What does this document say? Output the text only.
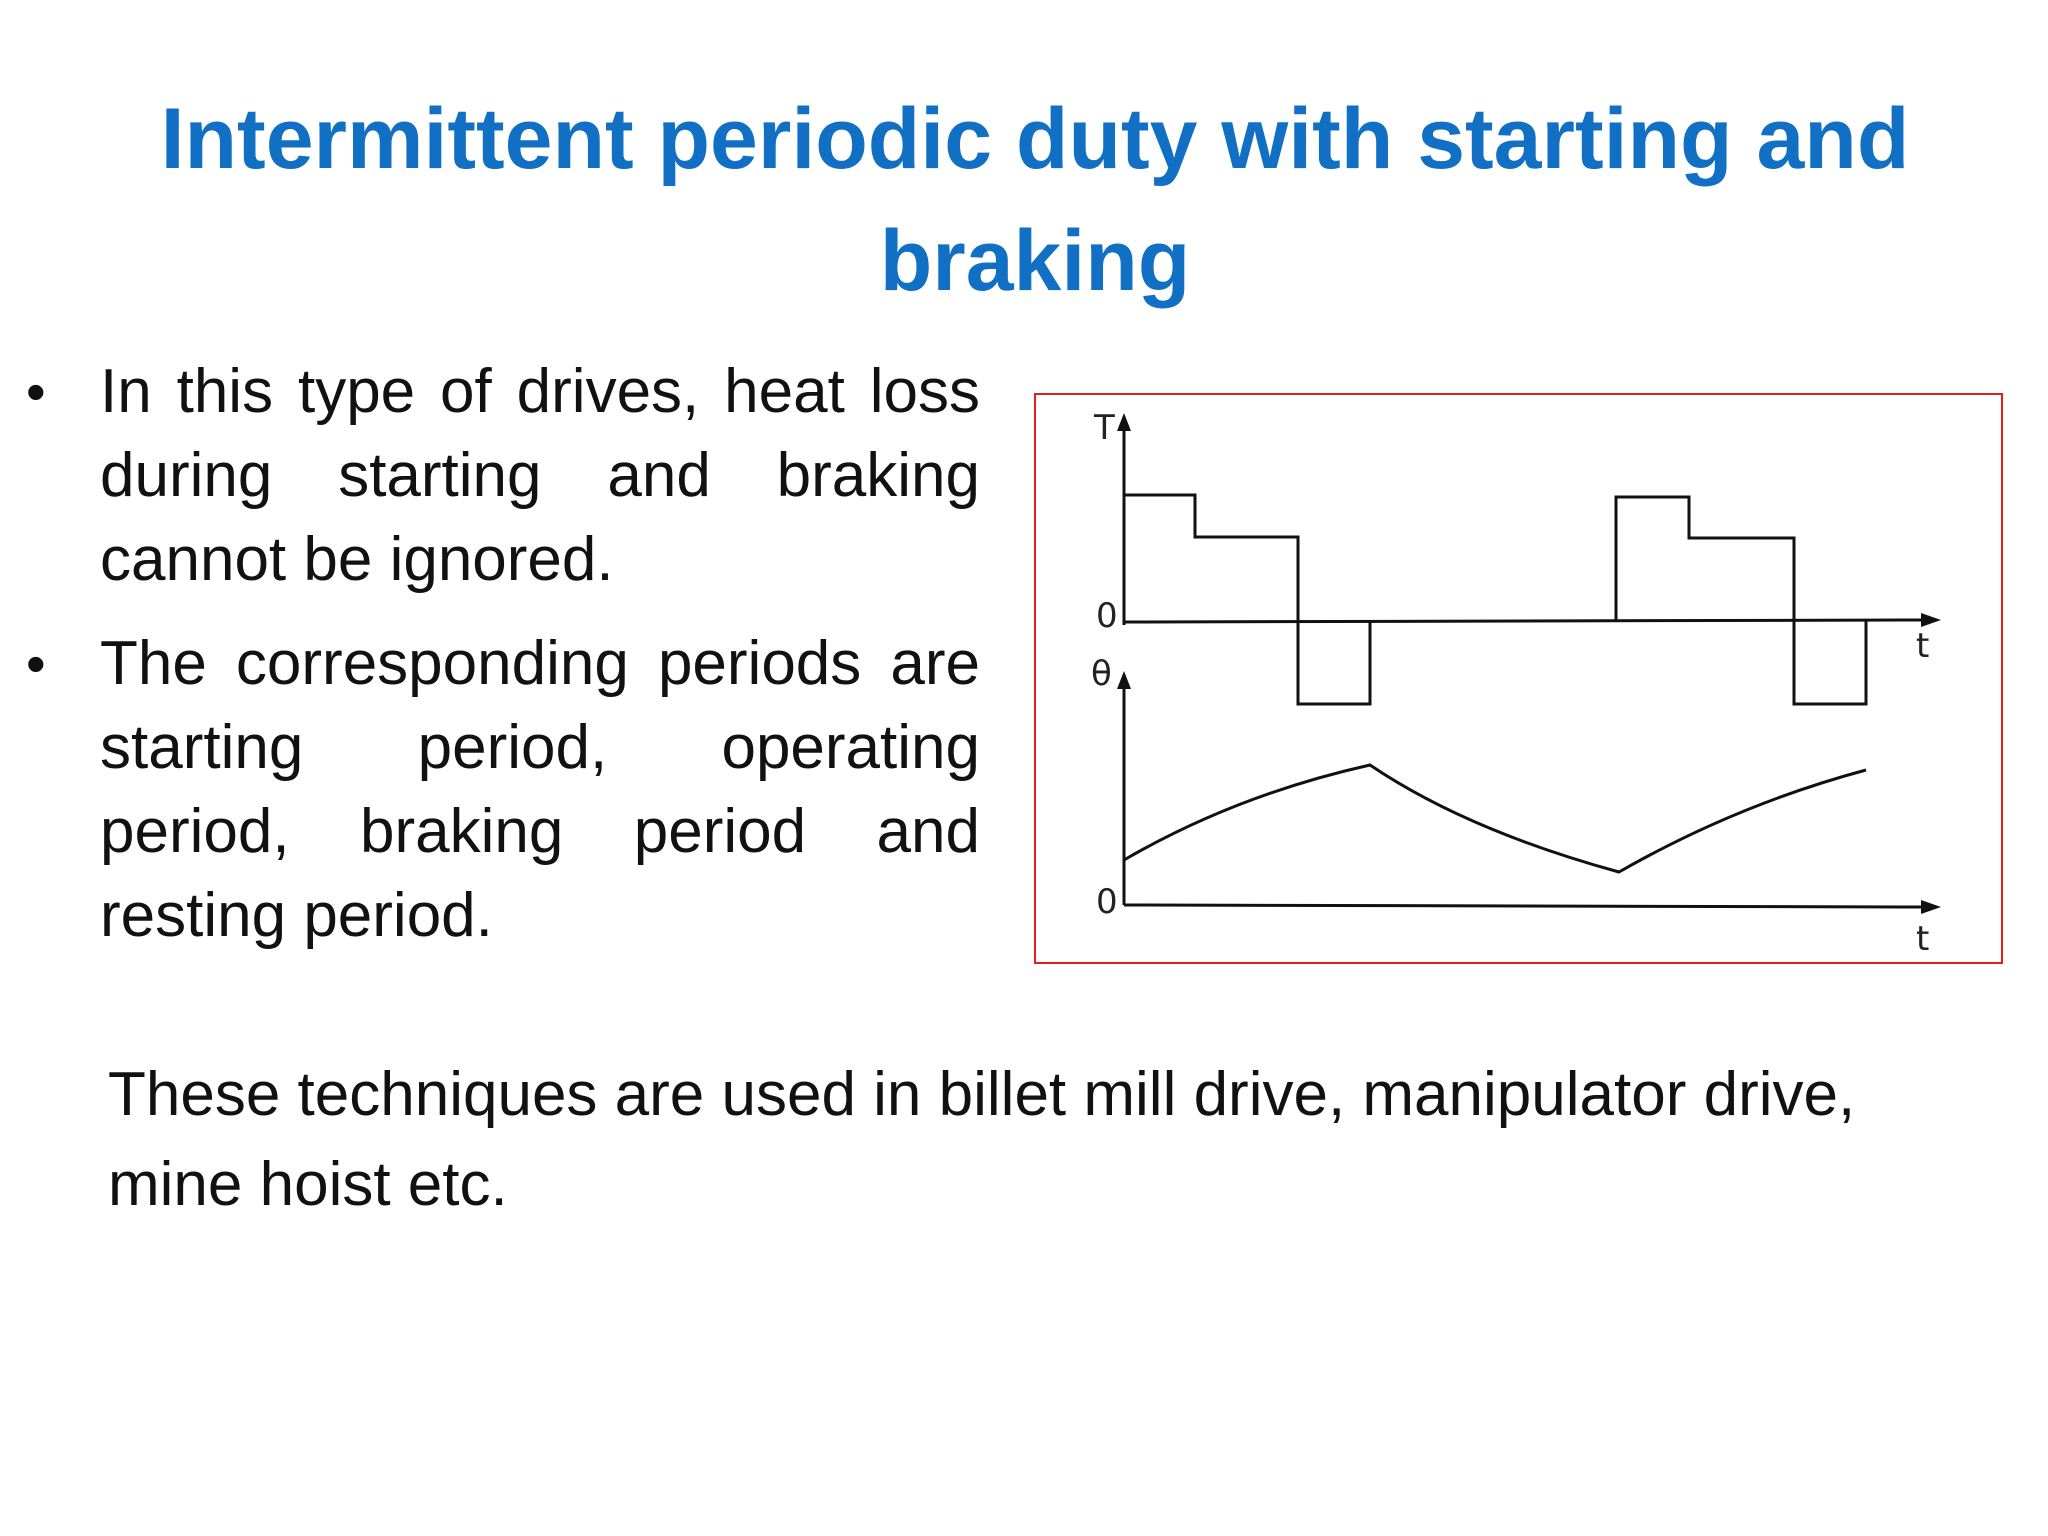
Intermittent periodic duty with starting and braking
• In this type of drives, heat loss during starting and braking cannot be ignored.
• The corresponding periods are starting period, operating period, braking period and resting period.
T
0
t
θ
0
t

These techniques are used in billet mill drive, manipulator drive, mine hoist etc.
